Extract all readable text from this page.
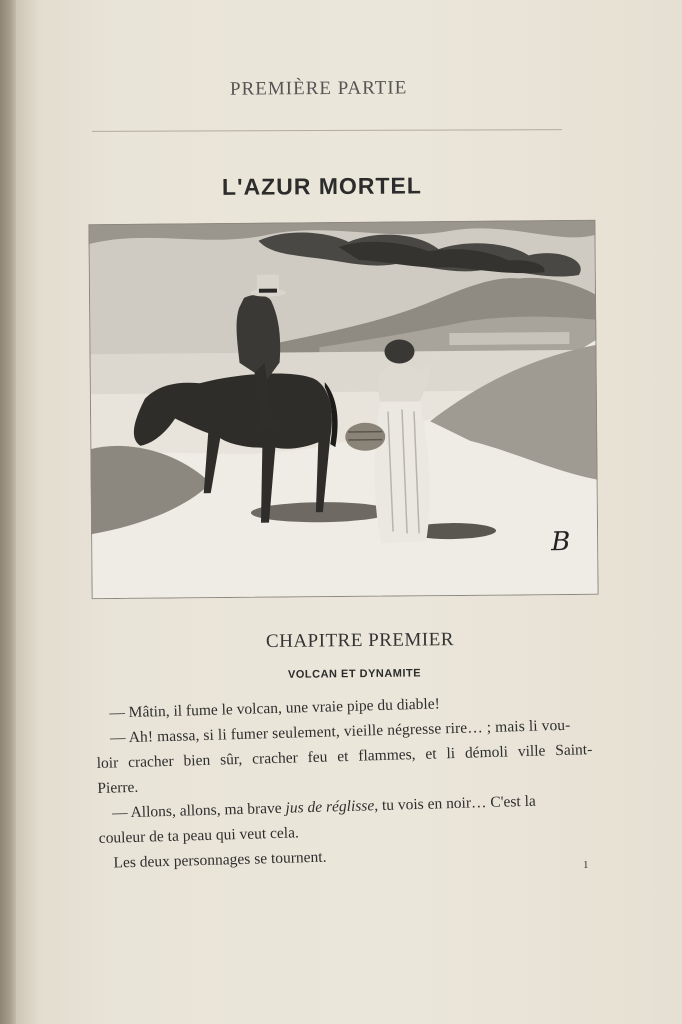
PREMIÈRE PARTIE
L'AZUR MORTEL
B
CHAPITRE PREMIER
VOLCAN ET DYNAMITE
— Mâtin, il fume le volcan, une vraie pipe du diable!
— Ah! massa, si li fumer seulement, vieille négresse rire… ; mais li vou-
loir cracher bien sûr, cracher feu et flammes, et li démoli ville Saint-
Pierre.
— Allons, allons, ma brave jus de réglisse, tu vois en noir… C'est la
couleur de ta peau qui veut cela.
Les deux personnages se tournent.	1
